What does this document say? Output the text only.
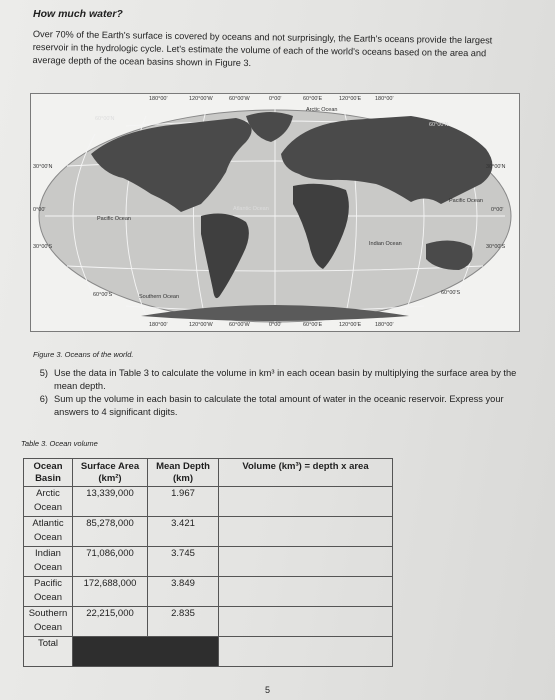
How much water?
Over 70% of the Earth's surface is covered by oceans and not surprisingly, the Earth's oceans provide the largest reservoir in the hydrologic cycle. Let's estimate the volume of each of the world's oceans based on the area and average depth of the ocean basins shown in Figure 3.
180°00'	120°00'W	60°00'W	0°00'	60°00'E	120°00'E	180°00'
180°00'	120°00'W	60°00'W	0°00'	60°00'E	120°00'E	180°00'
30°00'N
0°00'
30°00'S
30°00'N
0°00'
30°00'S
60°00'N
60°00'N
60°00'S	60°00'S
Arctic Ocean
Pacific Ocean
Pacific Ocean
Atlantic Ocean
Indian Ocean
Southern Ocean
Figure 3. Oceans of the world.
5) Use the data in Table 3 to calculate the volume in km³ in each ocean basin by multiplying the surface area by the mean depth.
6) Sum up the volume in each basin to calculate the total amount of water in the oceanic reservoir. Express your answers to 4 significant digits.
Table 3. Ocean volume
Ocean Basin	Surface Area (km²)	Mean Depth (km)	Volume (km³) = depth x area
Arctic Ocean	13,339,000	1.967	
Atlantic Ocean	85,278,000	3.421	
Indian Ocean	71,086,000	3.745	
Pacific Ocean	172,688,000	3.849	
Southern Ocean	22,215,000	2.835	
Total			
5
